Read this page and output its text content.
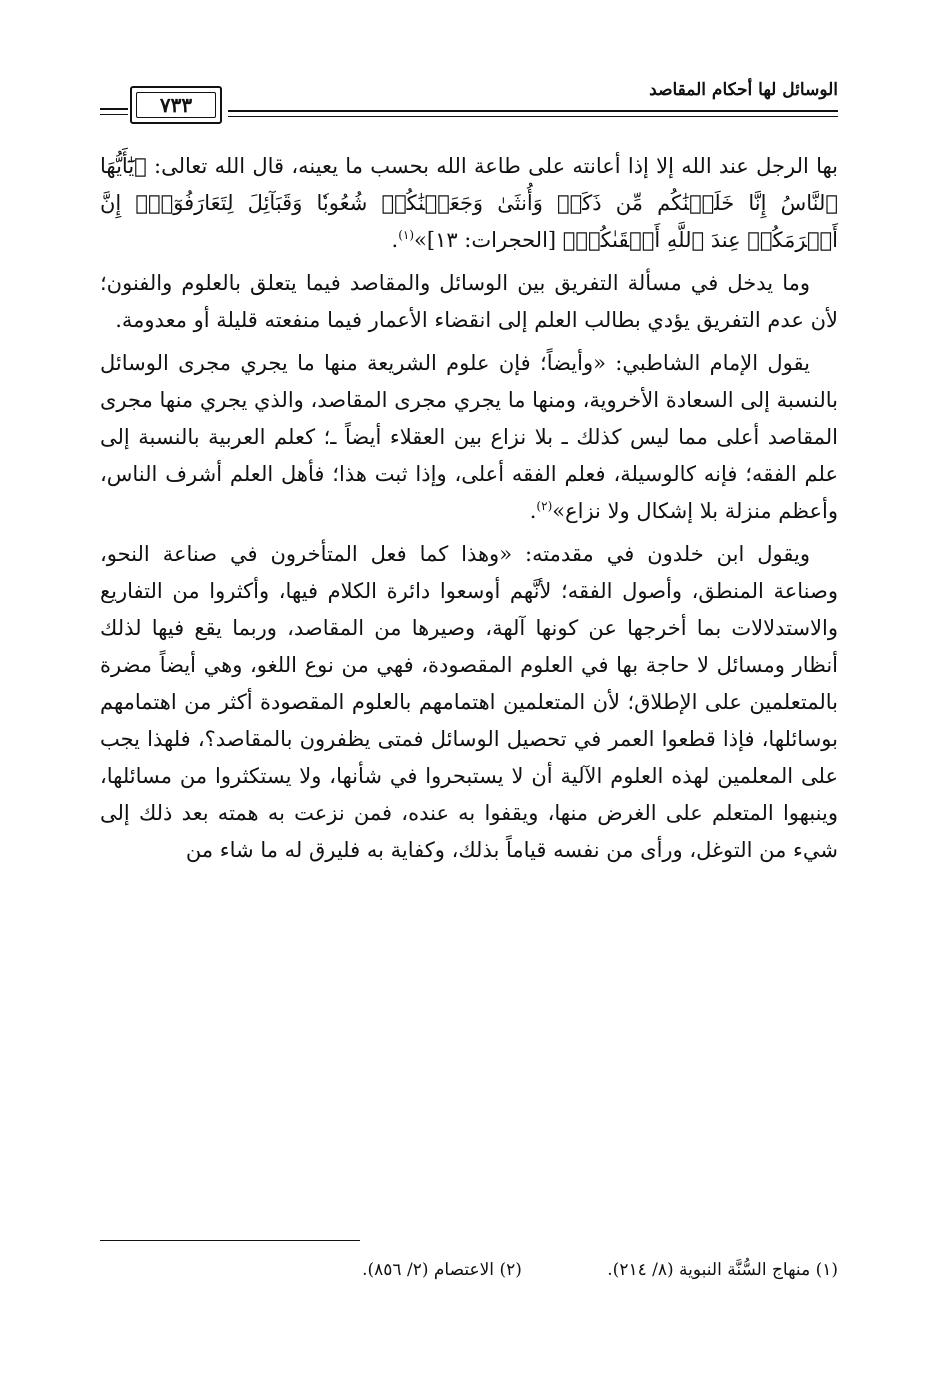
الوسائل لها أحكام المقاصد
٧٣٣

بها الرجل عند الله إلا إذا أعانته على طاعة الله بحسب ما يعينه، قال الله تعالى: ﴿يَٰٓأَيُّهَا ٱلنَّاسُ إِنَّا خَلَقۡنَٰكُم مِّن ذَكَرٖ وَأُنثَىٰ وَجَعَلۡنَٰكُمۡ شُعُوبٗا وَقَبَآئِلَ لِتَعَارَفُوٓاْۚ إِنَّ أَكۡرَمَكُمۡ عِندَ ٱللَّهِ أَتۡقَىٰكُمۡ﴾ [الحجرات: ١٣]»$^{(١)}$.

وما يدخل في مسألة التفريق بين الوسائل والمقاصد فيما يتعلق بالعلوم والفنون؛ لأن عدم التفريق يؤدي بطالب العلم إلى انقضاء الأعمار فيما منفعته قليلة أو معدومة.

يقول الإمام الشاطبي: «وأيضاً؛ فإن علوم الشريعة منها ما يجري مجرى الوسائل بالنسبة إلى السعادة الأخروية، ومنها ما يجري مجرى المقاصد، والذي يجري منها مجرى المقاصد أعلى مما ليس كذلك ـ بلا نزاع بين العقلاء أيضاً ـ؛ كعلم العربية بالنسبة إلى علم الفقه؛ فإنه كالوسيلة، فعلم الفقه أعلى، وإذا ثبت هذا؛ فأهل العلم أشرف الناس، وأعظم منزلة بلا إشكال ولا نزاع»$^{(٢)}$.

ويقول ابن خلدون في مقدمته: «وهذا كما فعل المتأخرون في صناعة النحو، وصناعة المنطق، وأصول الفقه؛ لأنَّهم أوسعوا دائرة الكلام فيها، وأكثروا من التفاريع والاستدلالات بما أخرجها عن كونها آلهة، وصيرها من المقاصد، وربما يقع فيها لذلك أنظار ومسائل لا حاجة بها في العلوم المقصودة، فهي من نوع اللغو، وهي أيضاً مضرة بالمتعلمين على الإطلاق؛ لأن المتعلمين اهتمامهم بالعلوم المقصودة أكثر من اهتمامهم بوسائلها، فإذا قطعوا العمر في تحصيل الوسائل فمتى يظفرون بالمقاصد؟، فلهذا يجب على المعلمين لهذه العلوم الآلية أن لا يستبحروا في شأنها، ولا يستكثروا من مسائلها، وينبهوا المتعلم على الغرض منها، ويقفوا به عنده، فمن نزعت به همته بعد ذلك إلى شيء من التوغل، ورأى من نفسه قياماً بذلك، وكفاية به فليرق له ما شاء من

(١) منهاج السُّنَّة النبوية (٨/ ٢١٤). (٢) الاعتصام (٢/ ٨٥٦).
